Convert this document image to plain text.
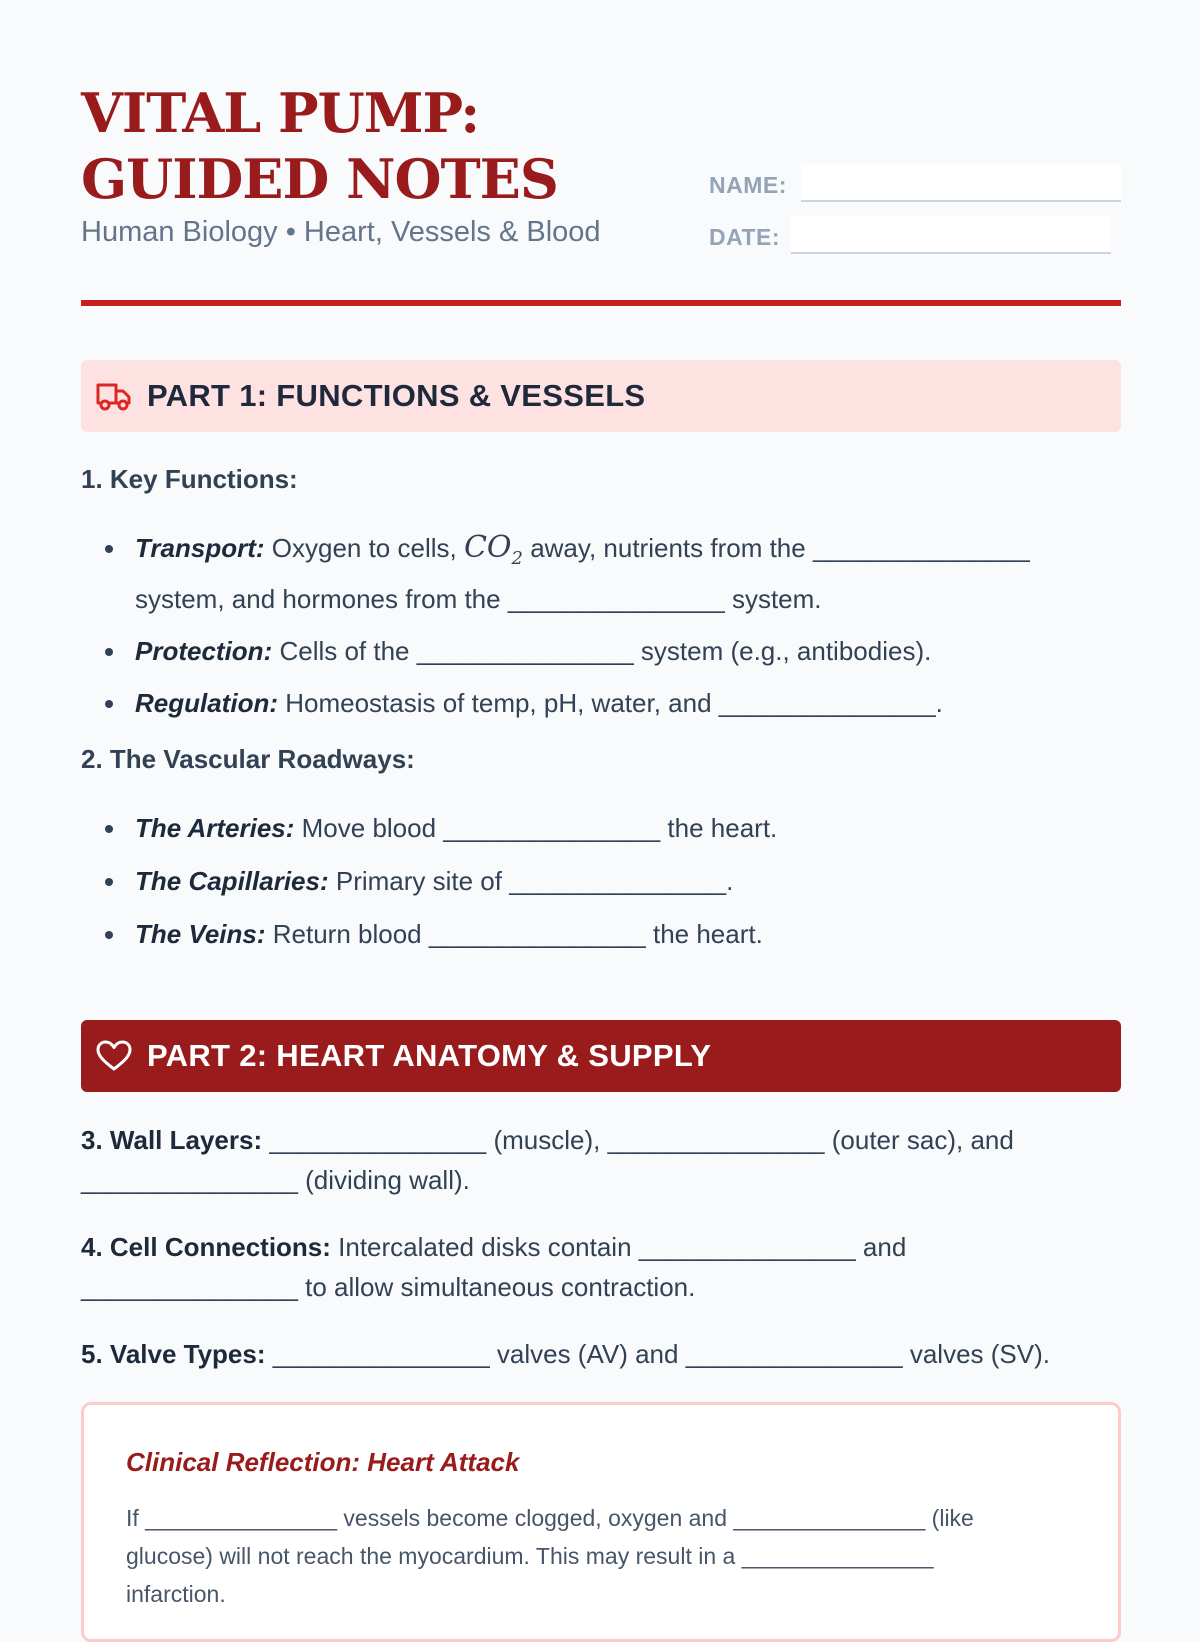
VITAL PUMP: GUIDED NOTES
Human Biology • Heart, Vessels & Blood
NAME:
DATE:
PART 1: FUNCTIONS & VESSELS
1. Key Functions:
Transport: Oxygen to cells, $CO_2$ away, nutrients from the _______________ system, and hormones from the _______________ system.
Protection: Cells of the _______________ system (e.g., antibodies).
Regulation: Homeostasis of temp, pH, water, and _______________.
2. The Vascular Roadways:
The Arteries: Move blood _______________ the heart.
The Capillaries: Primary site of _______________.
The Veins: Return blood _______________ the heart.
PART 2: HEART ANATOMY & SUPPLY
3. Wall Layers: _______________ (muscle), _______________ (outer sac), and _______________ (dividing wall).
4. Cell Connections: Intercalated disks contain _______________ and _______________ to allow simultaneous contraction.
5. Valve Types: _______________ valves (AV) and _______________ valves (SV).
Clinical Reflection: Heart Attack
If _______________ vessels become clogged, oxygen and _______________ (like glucose) will not reach the myocardium. This may result in a _______________ infarction.
